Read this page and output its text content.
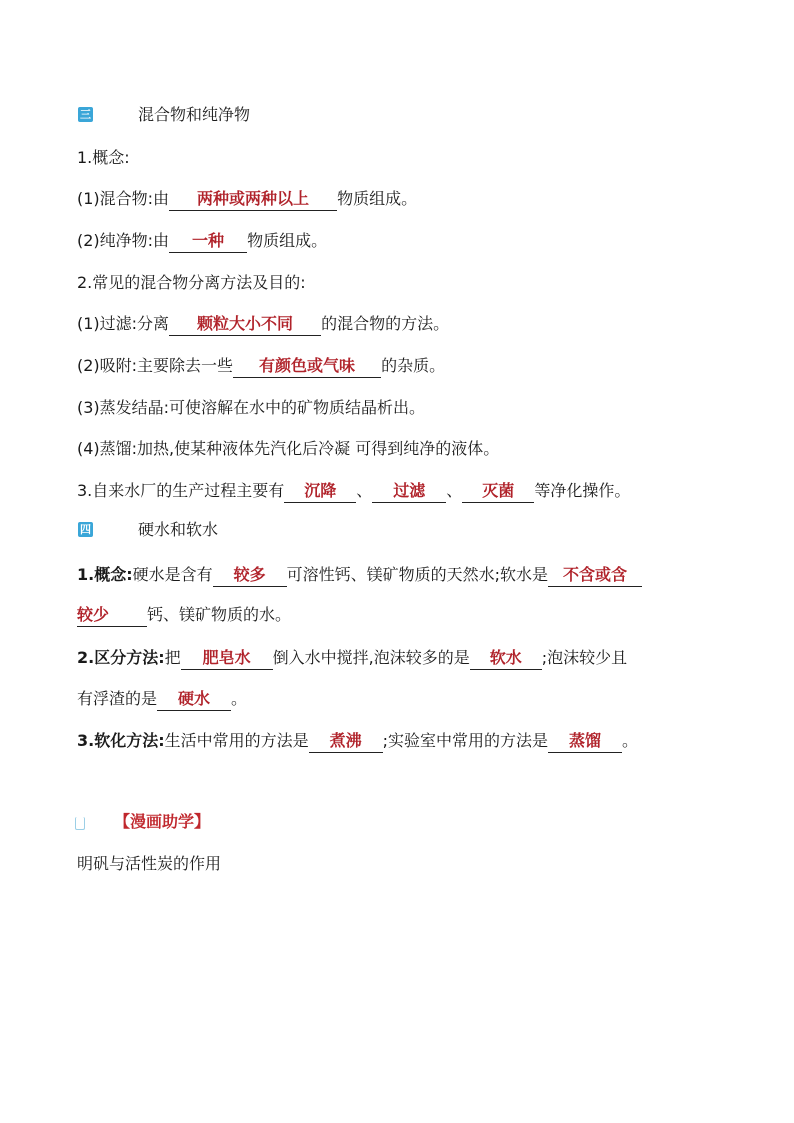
三	混合物和纯净物
1.概念:
(1)混合物:由 两种或两种以上 物质组成。
(2)纯净物:由 一种 物质组成。
2.常见的混合物分离方法及目的:
(1)过滤:分离 颗粒大小不同 的混合物的方法。
(2)吸附:主要除去一些 有颜色或气味 的杂质。
(3)蒸发结晶:可使溶解在水中的矿物质结晶析出。
(4)蒸馏:加热,使某种液体先汽化后冷凝 可得到纯净的液体。
3.自来水厂的生产过程主要有 沉降 、 过滤 、 灭菌 等净化操作。
四	硬水和软水
1.概念:硬水是含有 较多 可溶性钙、镁矿物质的天然水;软水是 不含或含
较少 钙、镁矿物质的水。
2.区分方法:把 肥皂水 倒入水中搅拌,泡沫较多的是 软水 ;泡沫较少且
有浮渣的是 硬水 。
3.软化方法:生活中常用的方法是 煮沸 ;实验室中常用的方法是 蒸馏 。
【漫画助学】
明矾与活性炭的作用
